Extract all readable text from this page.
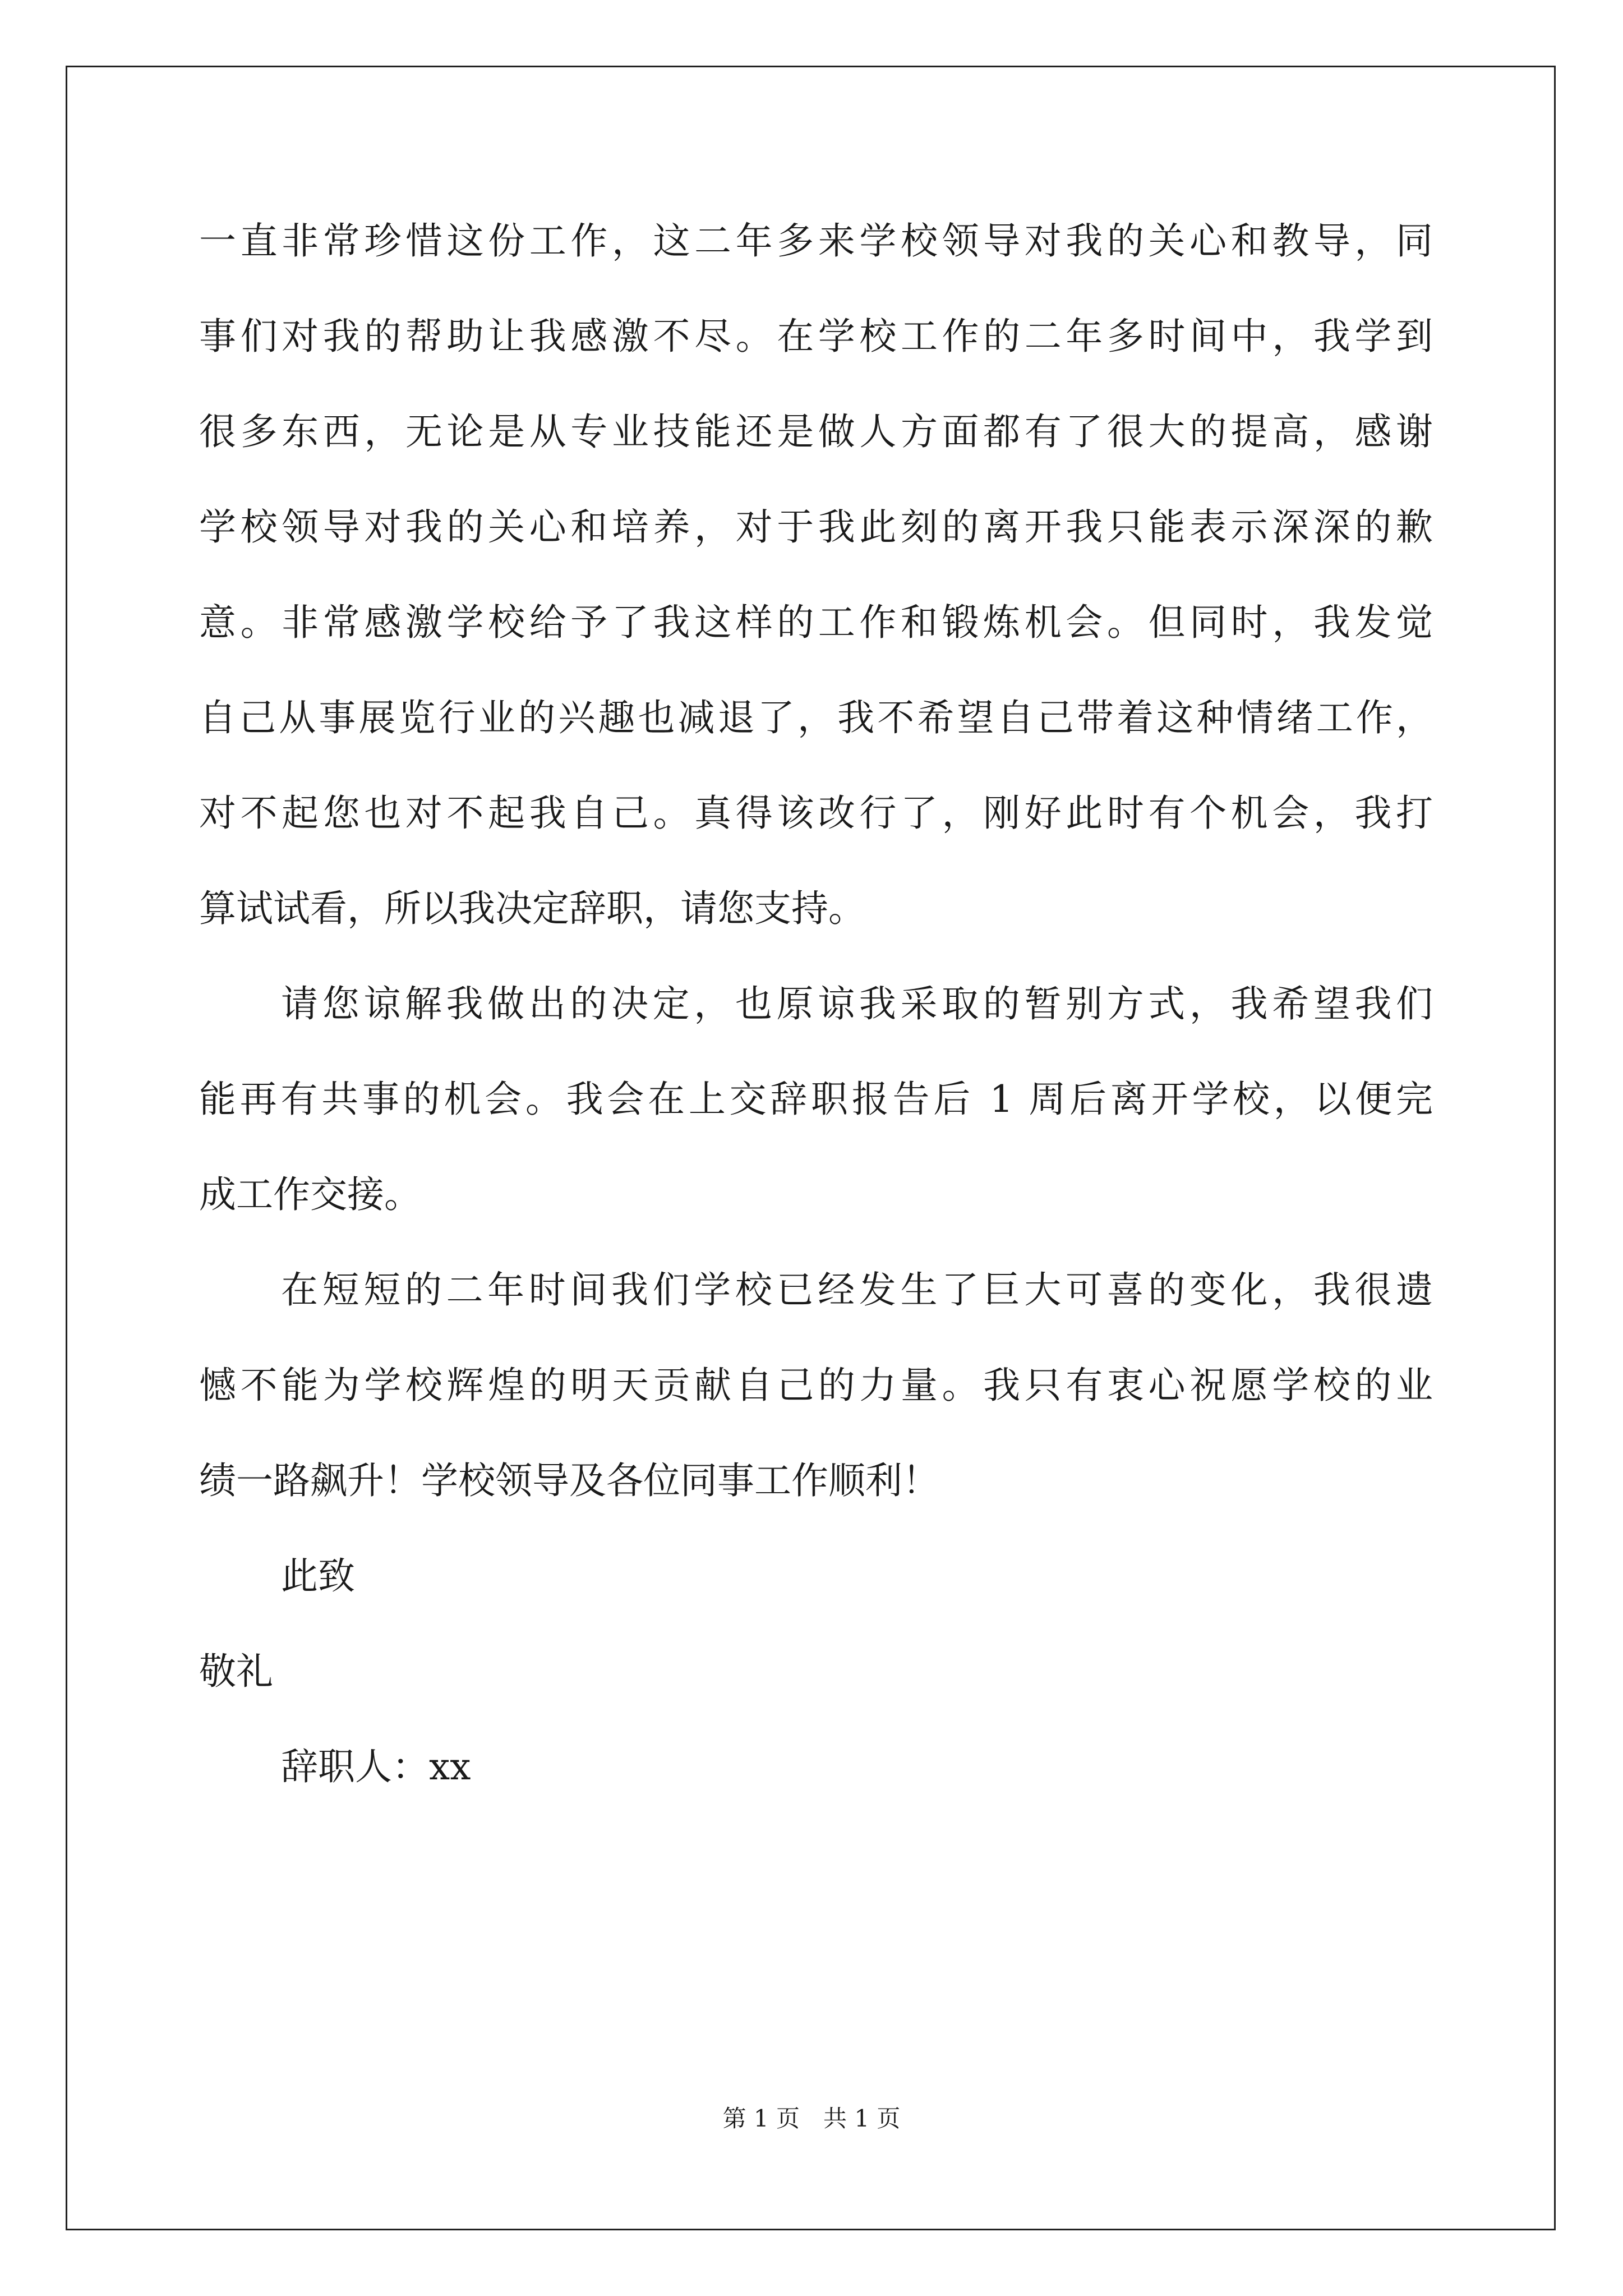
一直非常珍惜这份工作，这二年多来学校领导对我的关心和教导，同
事们对我的帮助让我感激不尽。在学校工作的二年多时间中，我学到
很多东西，无论是从专业技能还是做人方面都有了很大的提高，感谢
学校领导对我的关心和培养，对于我此刻的离开我只能表示深深的歉
意。非常感激学校给予了我这样的工作和锻炼机会。但同时，我发觉
自己从事展览行业的兴趣也减退了，我不希望自己带着这种情绪工作，
对不起您也对不起我自己。真得该改行了，刚好此时有个机会，我打
算试试看，所以我决定辞职，请您支持。
请您谅解我做出的决定，也原谅我采取的暂别方式，我希望我们
能再有共事的机会。我会在上交辞职报告后 1 周后离开学校，以便完
成工作交接。
在短短的二年时间我们学校已经发生了巨大可喜的变化，我很遗
憾不能为学校辉煌的明天贡献自己的力量。我只有衷心祝愿学校的业
绩一路飙升！学校领导及各位同事工作顺利！
此致
敬礼
辞职人：xx
第 1 页　共 1 页
